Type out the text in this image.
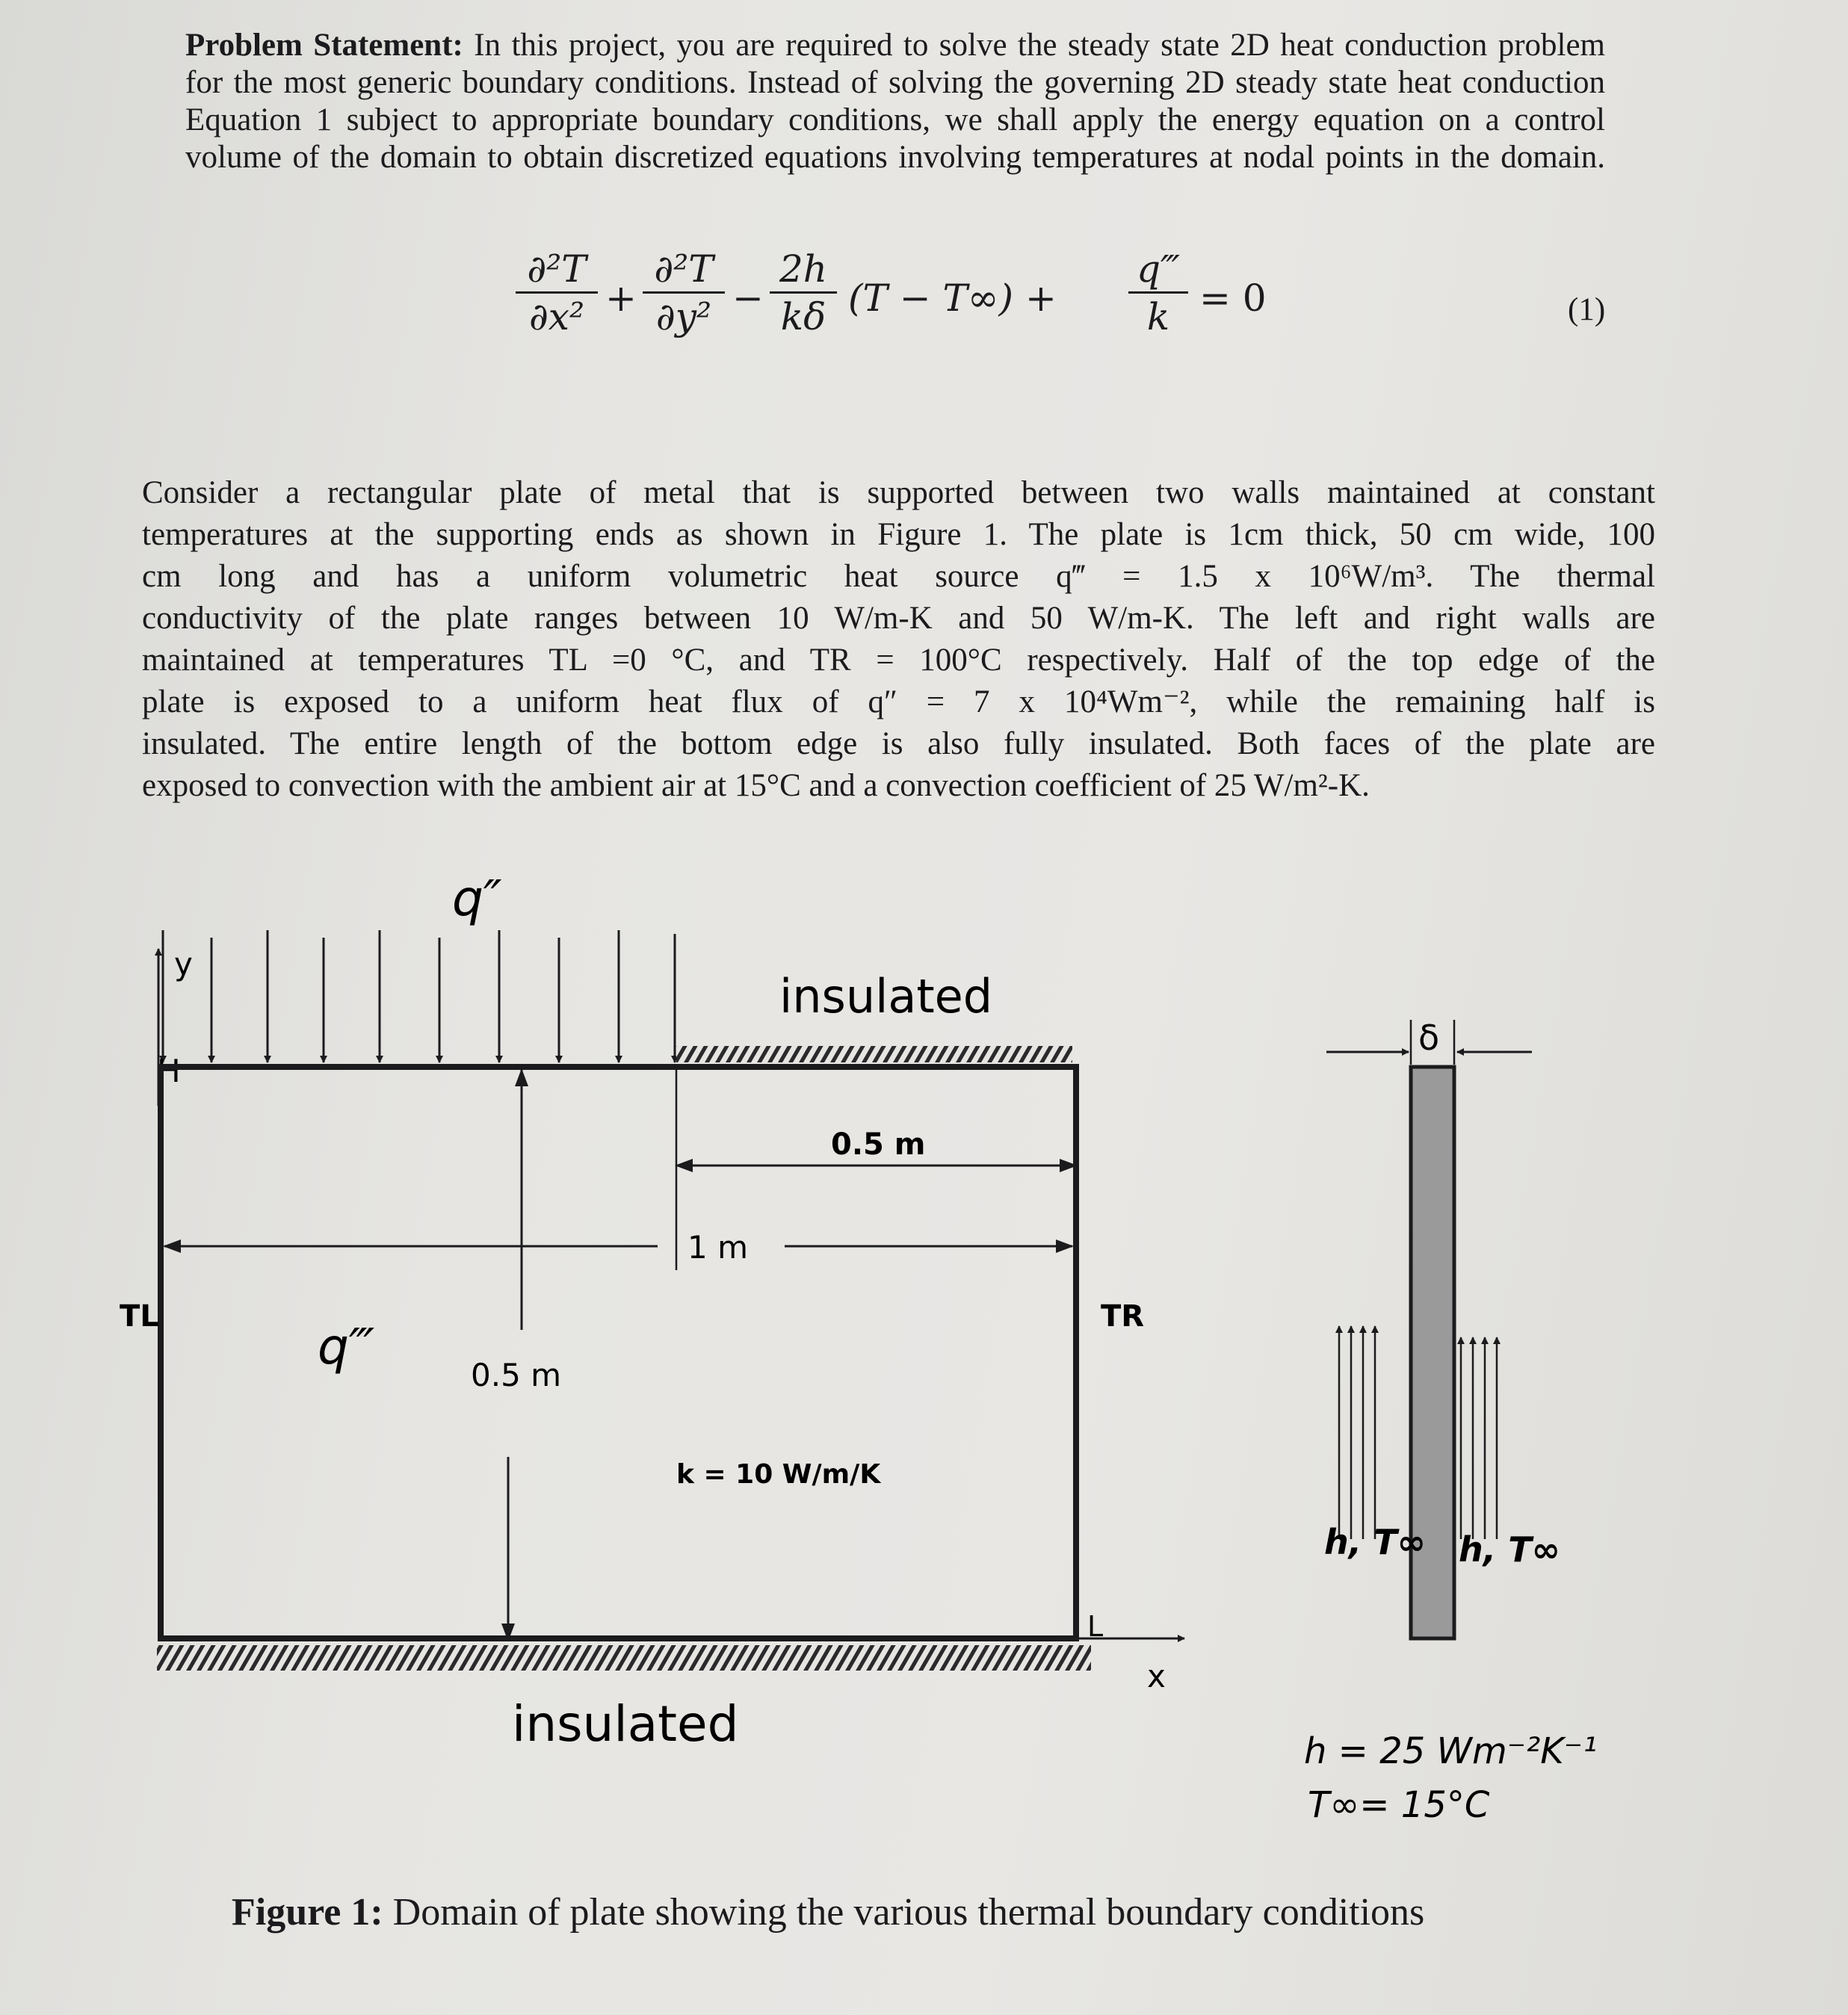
Problem Statement: In this project, you are required to solve the steady state 2D heat conduction problem for the most generic boundary conditions. Instead of solving the governing 2D steady state heat conduction Equation 1 subject to appropriate boundary conditions, we shall apply the energy equation on a control volume of the domain to obtain discretized equations involving temperatures at nodal points in the domain.
$\frac{\text{∂²T}}{\text{∂x²}} + \frac{\text{∂²T}}{\text{∂y²}} - \frac{2h}{k\delta} (T - T\infty) + \frac{q‴}{k} = 0$	(1)
Consider a rectangular plate of metal that is supported between two walls maintained at constant
temperatures at the supporting ends as shown in Figure 1. The plate is 1cm thick, 50 cm wide, 100
cm long and has a uniform volumetric heat source q‴ = 1.5 x 10⁶W/m³. The thermal
conductivity of the plate ranges between 10 W/m-K and 50 W/m-K. The left and right walls are
maintained at temperatures TL =0 °C, and TR = 100°C respectively. Half of the top edge of the
plate is exposed to a uniform heat flux of q″ = 7 x 10⁴Wm⁻², while the remaining half is
insulated. The entire length of the bottom edge is also fully insulated. Both faces of the plate are
exposed to convection with the ambient air at 15°C and a convection coefficient of 25 W/m²-K.
q″
y
H
insulated
insulated
0.5 m
1 m
0.5 m
TL	TR
q‴
k = 10 W/m/K
L
x
δ
h, T∞ h, T∞
h = 25 Wm⁻²K⁻¹
T∞= 15°C
Figure 1: Domain of plate showing the various thermal boundary conditions
